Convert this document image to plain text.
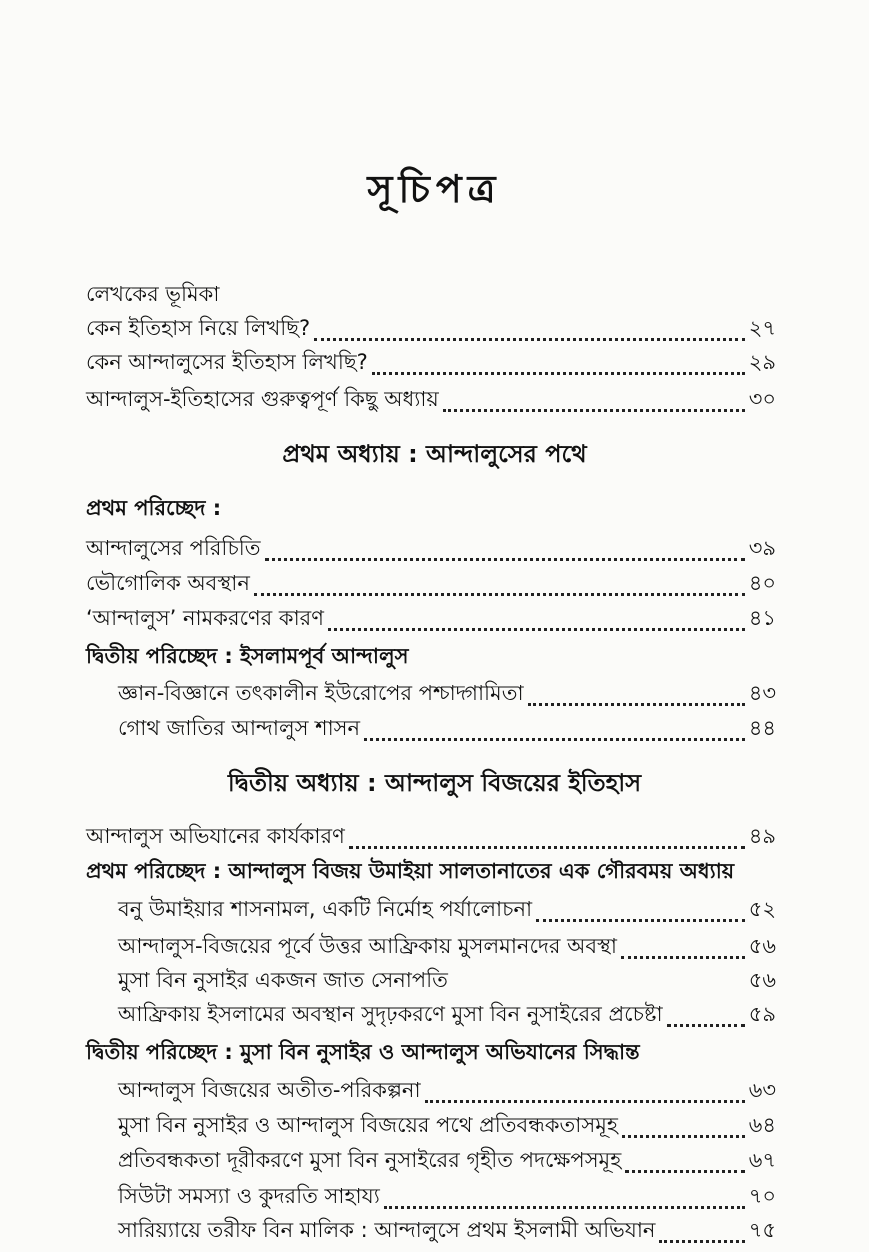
সূচিপত্র
লেখকের ভূমিকা
কেন ইতিহাস নিয়ে লিখছি?	২৭
কেন আন্দালুসের ইতিহাস লিখছি?	২৯
আন্দালুস-ইতিহাসের গুরুত্বপূর্ণ কিছু অধ্যায়	৩০
প্রথম অধ্যায় : আন্দালুসের পথে
প্রথম পরিচ্ছেদ :
আন্দালুসের পরিচিতি	৩৯
ভৌগোলিক অবস্থান	৪০
‘আন্দালুস’ নামকরণের কারণ	৪১
দ্বিতীয় পরিচ্ছেদ : ইসলামপূর্ব আন্দালুস
জ্ঞান-বিজ্ঞানে তৎকালীন ইউরোপের পশ্চাদ্গামিতা	৪৩
গোথ জাতির আন্দালুস শাসন	৪৪
দ্বিতীয় অধ্যায় : আন্দালুস বিজয়ের ইতিহাস
আন্দালুস অভিযানের কার্যকারণ	৪৯
প্রথম পরিচ্ছেদ : আন্দালুস বিজয় উমাইয়া সালতানাতের এক গৌরবময় অধ্যায়
বনু উমাইয়ার শাসনামল, একটি নির্মোহ পর্যালোচনা	৫২
আন্দালুস-বিজয়ের পূর্বে উত্তর আফ্রিকায় মুসলমানদের অবস্থা	৫৬
মুসা বিন নুসাইর একজন জাত সেনাপতি	৫৬
আফ্রিকায় ইসলামের অবস্থান সুদৃঢ়করণে মুসা বিন নুসাইরের প্রচেষ্টা	৫৯
দ্বিতীয় পরিচ্ছেদ : মুসা বিন নুসাইর ও আন্দালুস অভিযানের সিদ্ধান্ত
আন্দালুস বিজয়ের অতীত-পরিকল্পনা	৬৩
মুসা বিন নুসাইর ও আন্দালুস বিজয়ের পথে প্রতিবন্ধকতাসমূহ	৬৪
প্রতিবন্ধকতা দূরীকরণে মুসা বিন নুসাইরের গৃহীত পদক্ষেপসমূহ	৬৭
সিউটা সমস্যা ও কুদরতি সাহায্য	৭০
সারিয়্যায়ে তরীফ বিন মালিক : আন্দালুসে প্রথম ইসলামী অভিযান	৭৫
